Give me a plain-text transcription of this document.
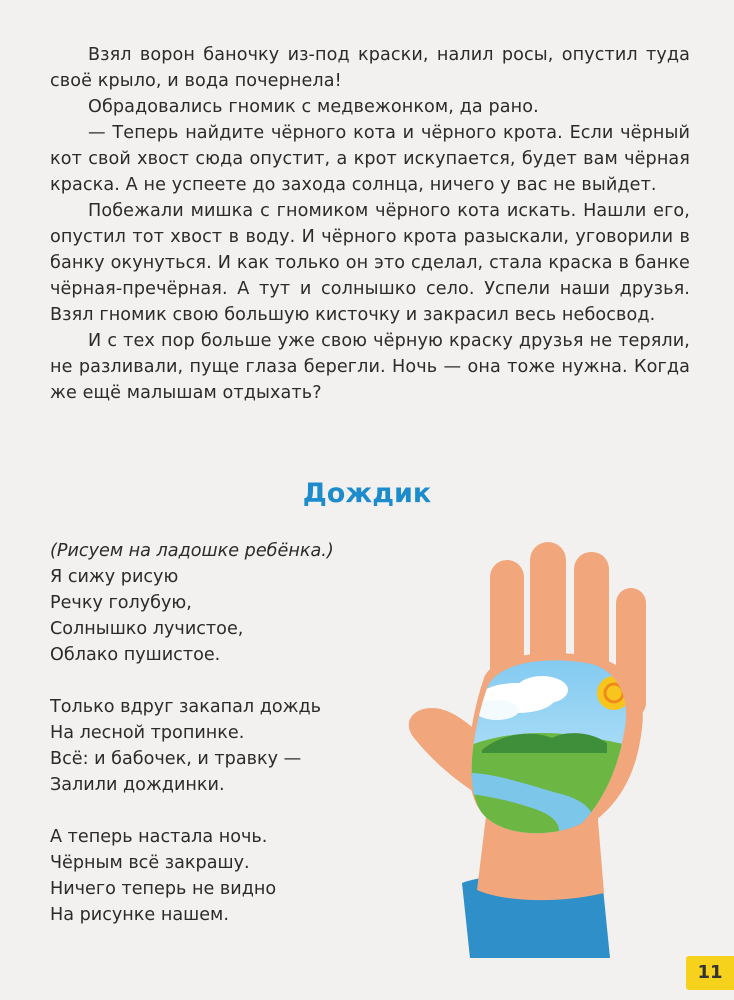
Взял ворон баночку из-под краски, налил росы, опустил туда своё крыло, и вода почернела!

Обрадовались гномик с медвежонком, да рано.

— Теперь найдите чёрного кота и чёрного крота. Если чёрный кот свой хвост сюда опустит, а крот искупается, будет вам чёрная краска. А не успеете до захода солнца, ничего у вас не выйдет.

Побежали мишка с гномиком чёрного кота искать. Нашли его, опустил тот хвост в воду. И чёрного крота разыскали, уговорили в банку окунуться. И как только он это сделал, стала краска в банке чёрная-пречёрная. А тут и солнышко село. Успели наши друзья. Взял гномик свою большую кисточку и закрасил весь небосвод.

И с тех пор больше уже свою чёрную краску друзья не теряли, не разливали, пуще глаза берегли. Ночь — она тоже нужна. Когда же ещё малышам отдыхать?

Дождик
(Рисуем на ладошке ребёнка.)
Я сижу рисую
Речку голубую,
Солнышко лучистое,
Облако пушистое.
Только вдруг закапал дождь
На лесной тропинке.
Всё: и бабочек, и травку —
Залили дождинки.
А теперь настала ночь.
Чёрным всё закрашу.
Ничего теперь не видно
На рисунке нашем.
11
